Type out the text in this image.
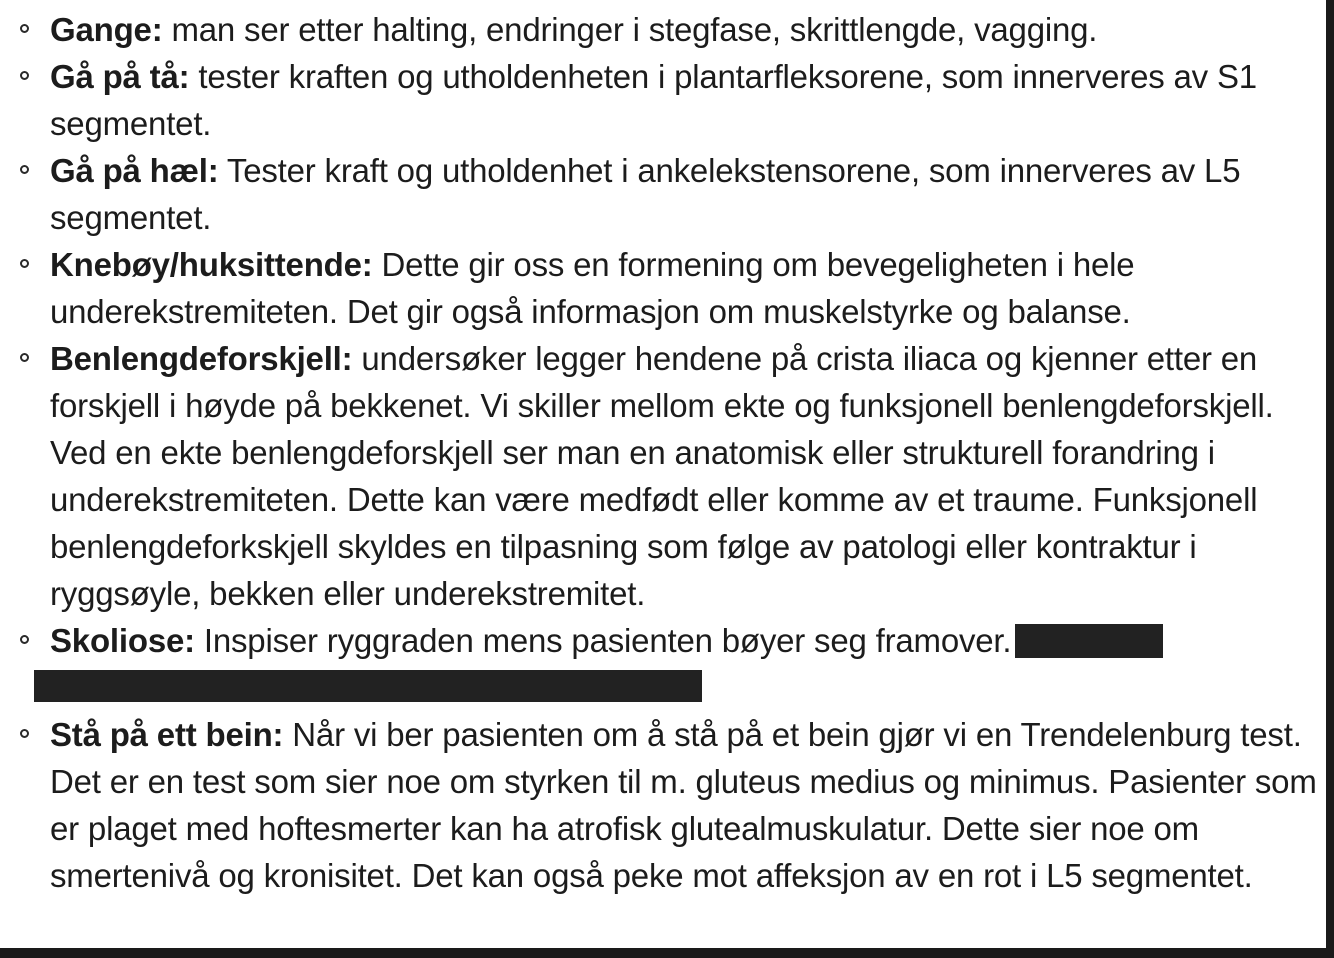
Gange: man ser etter halting, endringer i stegfase, skrittlengde, vagging.
Gå på tå: tester kraften og utholdenheten i plantarfleksorene, som innerveres av S1 segmentet.
Gå på hæl: Tester kraft og utholdenhet i ankelekstensorene, som innerveres av L5 segmentet.
Knebøy/huksittende: Dette gir oss en formening om bevegeligheten i hele underekstremiteten. Det gir også informasjon om muskelstyrke og balanse.
Benlengdeforskjell: undersøker legger hendene på crista iliaca og kjenner etter en forskjell i høyde på bekkenet. Vi skiller mellom ekte og funksjonell benlengdeforskjell. Ved en ekte benlengdeforskjell ser man en anatomisk eller strukturell forandring i underekstremiteten. Dette kan være medfødt eller komme av et traume. Funksjonell benlengdeforkskjell skyldes en tilpasning som følge av patologi eller kontraktur i ryggsøyle, bekken eller underekstremitet.
Skoliose: Inspiser ryggraden mens pasienten bøyer seg framover.
Stå på ett bein: Når vi ber pasienten om å stå på et bein gjør vi en Trendelenburg test. Det er en test som sier noe om styrken til m. gluteus medius og minimus. Pasienter som er plaget med hoftesmerter kan ha atrofisk glutealmuskulatur. Dette sier noe om smertenivå og kronisitet. Det kan også peke mot affeksjon av en rot i L5 segmentet.
